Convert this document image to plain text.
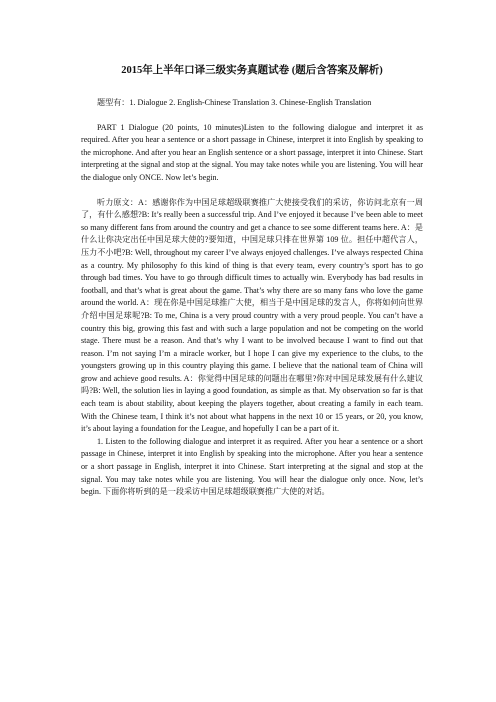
2015年上半年口译三级实务真题试卷 (题后含答案及解析)

题型有：1. Dialogue 2. English-Chinese Translation 3. Chinese-English Translation

PART 1 Dialogue (20 points, 10 minutes)Listen to the following dialogue and interpret it as required. After you hear a sentence or a short passage in Chinese, interpret it into English by speaking to the microphone. And after you hear an English sentence or a short passage, interpret it into Chinese. Start interpreting at the signal and stop at the signal. You may take notes while you are listening. You will hear the dialogue only ONCE. Now let’s begin.

听力原文：A：感谢你作为中国足球超级联赛推广大使接受我们的采访，你访问北京有一周了，有什么感想?B: It’s really been a successful trip. And I’ve enjoyed it because I’ve been able to meet so many different fans from around the country and get a chance to see some different teams here. A：是什么让你决定出任中国足球大使的?要知道，中国足球只排在世界第 109 位。担任中超代言人，压力不小吧?B: Well, throughout my career I’ve always enjoyed challenges. I’ve always respected China as a country. My philosophy fo this kind of thing is that every team, every country’s sport has to go through bad times. You have to go through difficult times to actually win. Everybody has bad results in football, and that’s what is great about the game. That’s why there are so many fans who love the game around the world. A：现在你是中国足球推广大使，相当于是中国足球的发言人，你将如何向世界介绍中国足球呢?B: To me, China is a very proud country with a very proud people. You can’t have a country this big, growing this fast and with such a large population and not be competing on the world stage. There must be a reason. And that’s why I want to be involved because I want to find out that reason. I’m not saying I’m a miracle worker, but I hope I can give my experience to the clubs, to the youngsters growing up in this country playing this game. I believe that the national team of China will grow and achieve good results. A：你觉得中国足球的问题出在哪里?你对中国足球发展有什么建议吗?B: Well, the solution lies in laying a good foundation, as simple as that. My observation so far is that each team is about stability, about keeping the players together, about creating a family in each team. With the Chinese team, I think it’s not about what happens in the next 10 or 15 years, or 20, you know, it’s about laying a foundation for the League, and hopefully I can be a part of it.

1. Listen to the following dialogue and interpret it as required. After you hear a sentence or a short passage in Chinese, interpret it into English by speaking into the microphone. After you hear a sentence or a short passage in English, interpret it into Chinese. Start interpreting at the signal and stop at the signal. You may take notes while you are listening. You will hear the dialogue only once. Now, let’s begin. 下面你将听到的是一段采访中国足球超级联赛推广大使的对话。
